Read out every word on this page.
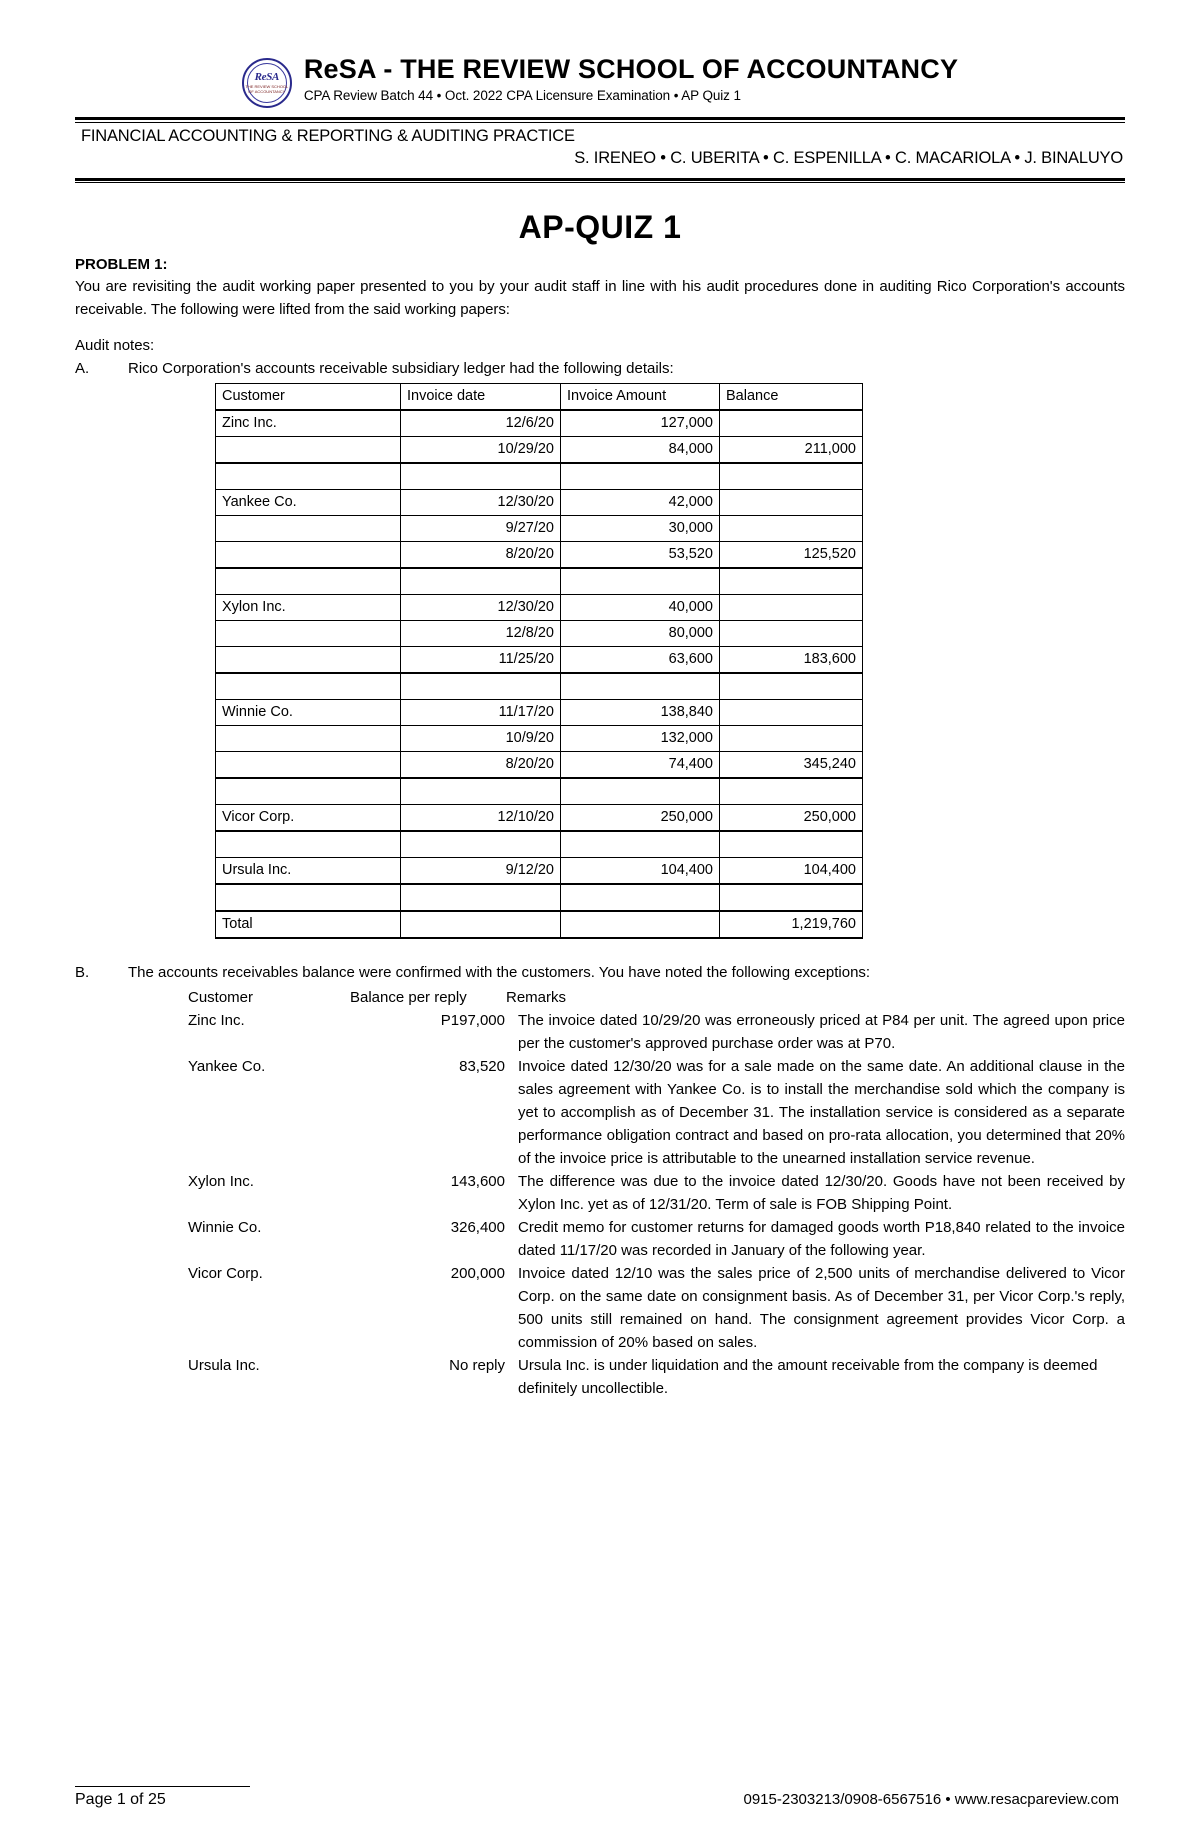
ReSA
THE REVIEW SCHOOL OF ACCOUNTANCY
ReSA - THE REVIEW SCHOOL OF ACCOUNTANCY
CPA Review Batch 44 • Oct. 2022 CPA Licensure Examination • AP Quiz 1
FINANCIAL ACCOUNTING & REPORTING & AUDITING PRACTICE
S. IRENEO • C. UBERITA • C. ESPENILLA • C. MACARIOLA • J. BINALUYO
AP-QUIZ 1
PROBLEM 1:
You are revisiting the audit working paper presented to you by your audit staff in line with his audit procedures done in auditing Rico Corporation's accounts receivable. The following were lifted from the said working papers:
Audit notes:
A.	Rico Corporation's accounts receivable subsidiary ledger had the following details:
Customer	Invoice date	Invoice Amount	Balance
Zinc Inc.	12/6/20	127,000	
	10/29/20	84,000	211,000

Yankee Co.	12/30/20	42,000	
	9/27/20	30,000	
	8/20/20	53,520	125,520

Xylon Inc.	12/30/20	40,000	
	12/8/20	80,000	
	11/25/20	63,600	183,600

Winnie Co.	11/17/20	138,840	
	10/9/20	132,000	
	8/20/20	74,400	345,240

Vicor Corp.	12/10/20	250,000	250,000

Ursula Inc.	9/12/20	104,400	104,400

Total			1,219,760
B.	The accounts receivables balance were confirmed with the customers. You have noted the following exceptions:
Customer	Balance per reply	Remarks
Zinc Inc.	P197,000 The invoice dated 10/29/20 was erroneously priced at P84 per unit. The agreed upon price per the customer's approved purchase order was at P70.
Yankee Co.	83,520 Invoice dated 12/30/20 was for a sale made on the same date. An additional clause in the sales agreement with Yankee Co. is to install the merchandise sold which the company is yet to accomplish as of December 31. The installation service is considered as a separate performance obligation contract and based on pro-rata allocation, you determined that 20% of the invoice price is attributable to the unearned installation service revenue.
Xylon Inc.	143,600 The difference was due to the invoice dated 12/30/20. Goods have not been received by Xylon Inc. yet as of 12/31/20. Term of sale is FOB Shipping Point.
Winnie Co.	326,400 Credit memo for customer returns for damaged goods worth P18,840 related to the invoice dated 11/17/20 was recorded in January of the following year.
Vicor Corp.	200,000 Invoice dated 12/10 was the sales price of 2,500 units of merchandise delivered to Vicor Corp. on the same date on consignment basis. As of December 31, per Vicor Corp.'s reply, 500 units still remained on hand. The consignment agreement provides Vicor Corp. a commission of 20% based on sales.
Ursula Inc.	No reply Ursula Inc. is under liquidation and the amount receivable from the company is deemed definitely uncollectible.
Page 1 of 25	0915-2303213/0908-6567516 • www.resacpareview.com
